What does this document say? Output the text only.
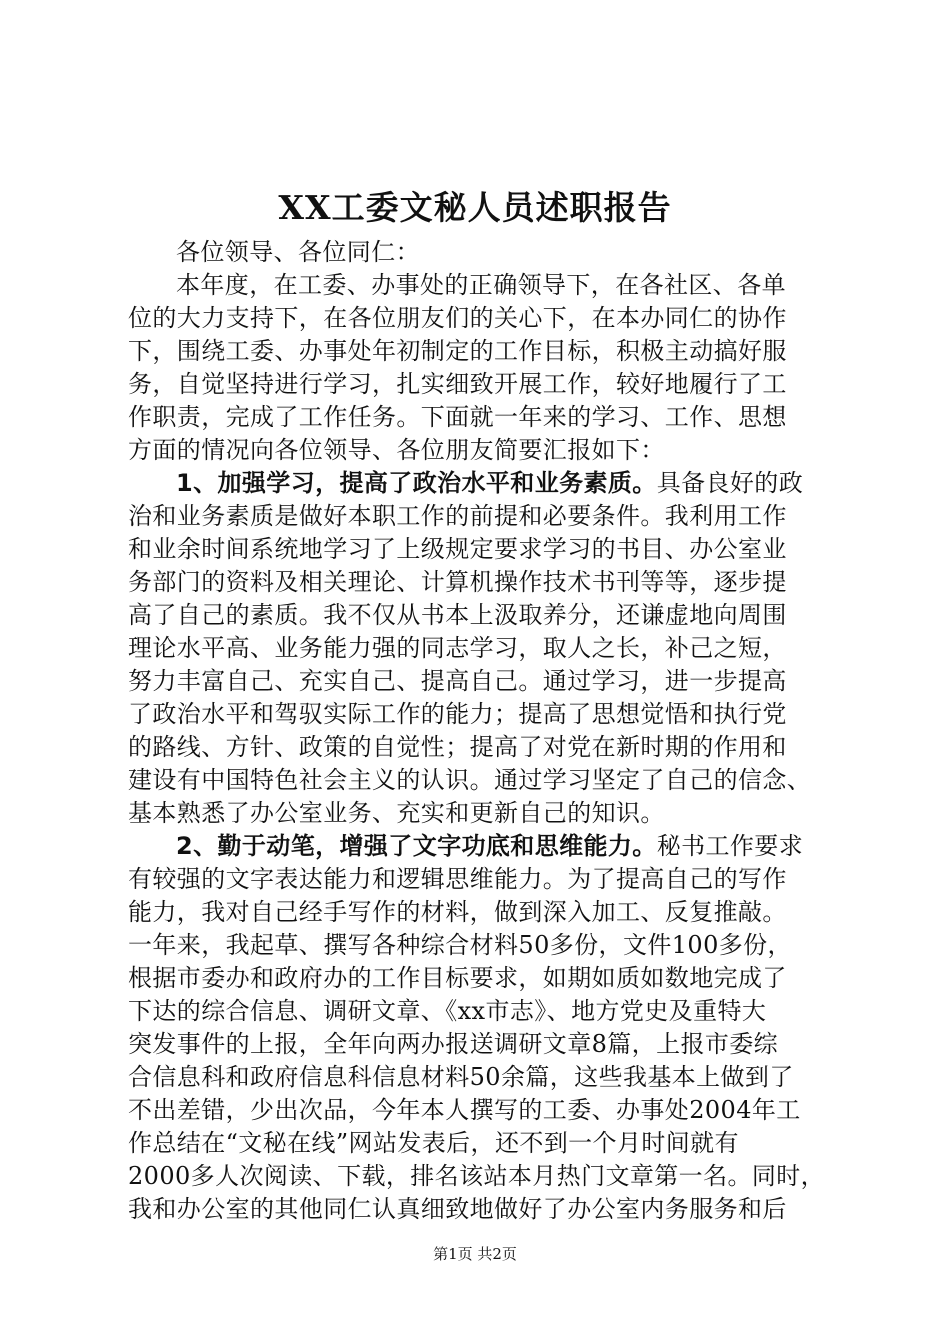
XX工委文秘人员述职报告
各位领导、各位同仁：
本年度，在工委、办事处的正确领导下，在各社区、各单
位的大力支持下，在各位朋友们的关心下，在本办同仁的协作
下，围绕工委、办事处年初制定的工作目标，积极主动搞好服
务，自觉坚持进行学习，扎实细致开展工作，较好地履行了工
作职责，完成了工作任务。下面就一年来的学习、工作、思想
方面的情况向各位领导、各位朋友简要汇报如下：
1、加强学习，提高了政治水平和业务素质。具备良好的政
治和业务素质是做好本职工作的前提和必要条件。我利用工作
和业余时间系统地学习了上级规定要求学习的书目、办公室业
务部门的资料及相关理论、计算机操作技术书刊等等，逐步提
高了自己的素质。我不仅从书本上汲取养分，还谦虚地向周围
理论水平高、业务能力强的同志学习，取人之长，补己之短，
努力丰富自己、充实自己、提高自己。通过学习，进一步提高
了政治水平和驾驭实际工作的能力；提高了思想觉悟和执行党
的路线、方针、政策的自觉性；提高了对党在新时期的作用和
建设有中国特色社会主义的认识。通过学习坚定了自己的信念、
基本熟悉了办公室业务、充实和更新自己的知识。
2、勤于动笔，增强了文字功底和思维能力。秘书工作要求
有较强的文字表达能力和逻辑思维能力。为了提高自己的写作
能力，我对自己经手写作的材料，做到深入加工、反复推敲。
一年来，我起草、撰写各种综合材料50多份，文件100多份，
根据市委办和政府办的工作目标要求，如期如质如数地完成了
下达的综合信息、调研文章、《xx市志》、地方党史及重特大
突发事件的上报，全年向两办报送调研文章8篇，上报市委综
合信息科和政府信息科信息材料50余篇，这些我基本上做到了
不出差错，少出次品，今年本人撰写的工委、办事处2004年工
作总结在“文秘在线”网站发表后，还不到一个月时间就有
2000多人次阅读、下载，排名该站本月热门文章第一名。同时，
我和办公室的其他同仁认真细致地做好了办公室内务服务和后
第1页 共2页
